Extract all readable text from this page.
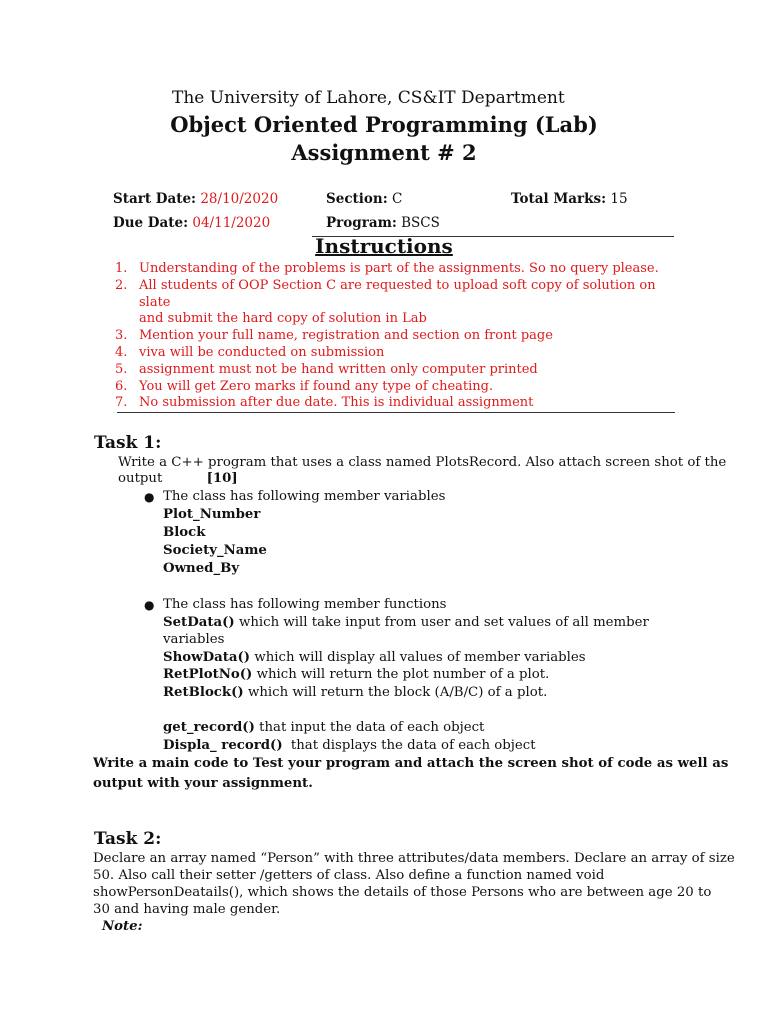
The University of Lahore, CS&IT Department
Object Oriented Programming (Lab)
Assignment # 2
Start Date: 28/10/2020	Section: C	Total Marks: 15
Due Date: 04/11/2020	Program: BSCS
Instructions
1. Understanding of the problems is part of the assignments. So no query please.
2. All students of OOP Section C are requested to upload soft copy of solution on slate
and submit the hard copy of solution in Lab
3. Mention your full name, registration and section on front page
4. viva will be conducted on submission
5. assignment must not be hand written only computer printed
6. You will get Zero marks if found any type of cheating.
7. No submission after due date. This is individual assignment
Task 1:
Write a C++ program that uses a class named PlotsRecord. Also attach screen shot of the
output	[10]
● The class has following member variables
Plot_Number
Block
Society_Name
Owned_By
● The class has following member functions
SetData() which will take input from user and set values of all member
variables
ShowData() which will display all values of member variables
RetPlotNo() which will return the plot number of a plot.
RetBlock() which will return the block (A/B/C) of a plot.
get_record() that input the data of each object
Displa_ record() that displays the data of each object
Write a main code to Test your program and attach the screen shot of code as well as
output with your assignment.
Task 2:
Declare an array named “Person” with three attributes/data members. Declare an array of size
50. Also call their setter /getters of class. Also define a function named void
showPersonDeatails(), which shows the details of those Persons who are between age 20 to
30 and having male gender.
Note:
